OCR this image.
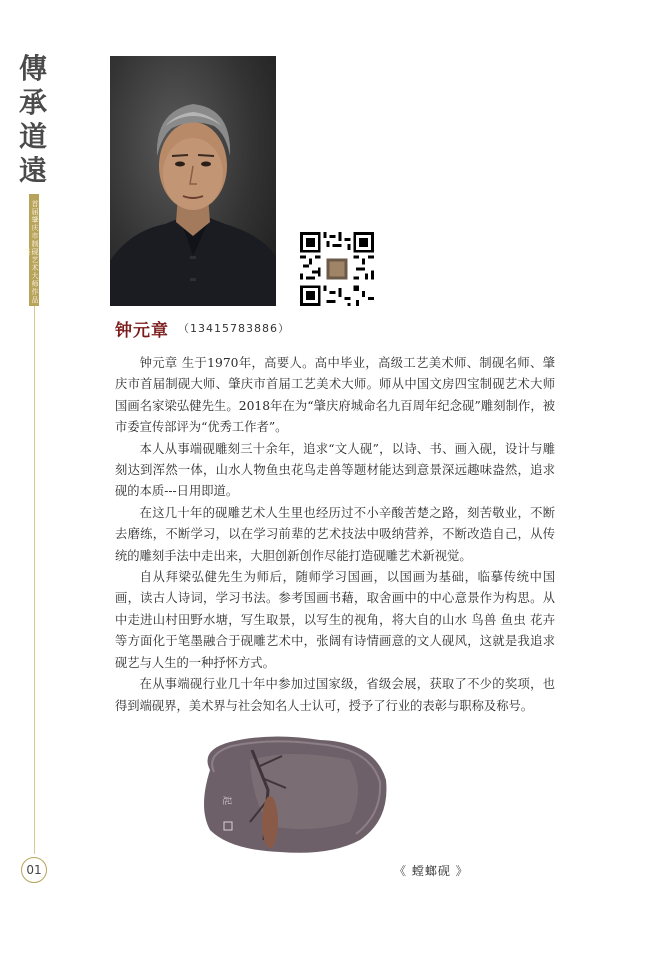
傳
承
道
遠
首届肇庆市制砚艺术大师作品集
01
钟元章 （13415783886）

钟元章 生于1970年，高要人。高中毕业，高级工艺美术师、制砚名师、肇庆市首届制砚大师、肇庆市首届工艺美术大师。师从中国文房四宝制砚艺术大师国画名家梁弘健先生。2018年在为“肇庆府城命名九百周年纪念砚”雕刻制作，被市委宣传部评为“优秀工作者”。

本人从事端砚雕刻三十余年，追求“文人砚”，以诗、书、画入砚，设计与雕刻达到浑然一体，山水人物鱼虫花鸟走兽等题材能达到意景深远趣味盎然，追求砚的本质---日用即道。

在这几十年的砚雕艺术人生里也经历过不小辛酸苦楚之路，刻苦敬业，不断去磨练，不断学习，以在学习前辈的艺术技法中吸纳营养，不断改造自己，从传统的雕刻手法中走出来，大胆创新创作尽能打造砚雕艺术新视觉。

自从拜梁弘健先生为师后，随师学习国画，以国画为基础，临摹传统中国画，读古人诗词，学习书法。参考国画书藉，取舍画中的中心意景作为构思。从中走进山村田野水塘，写生取景，以写生的视角，将大自的山水 鸟兽 鱼虫 花卉等方面化于笔墨融合于砚雕艺术中，张阔有诗情画意的文人砚风，这就是我追求砚艺与人生的一种抒怀方式。

在从事端砚行业几十年中参加过国家级，省级会展，获取了不少的奖项，也得到端砚界，美术界与社会知名人士认可，授予了行业的表彰与职称及称号。

起
《 螳螂砚 》
